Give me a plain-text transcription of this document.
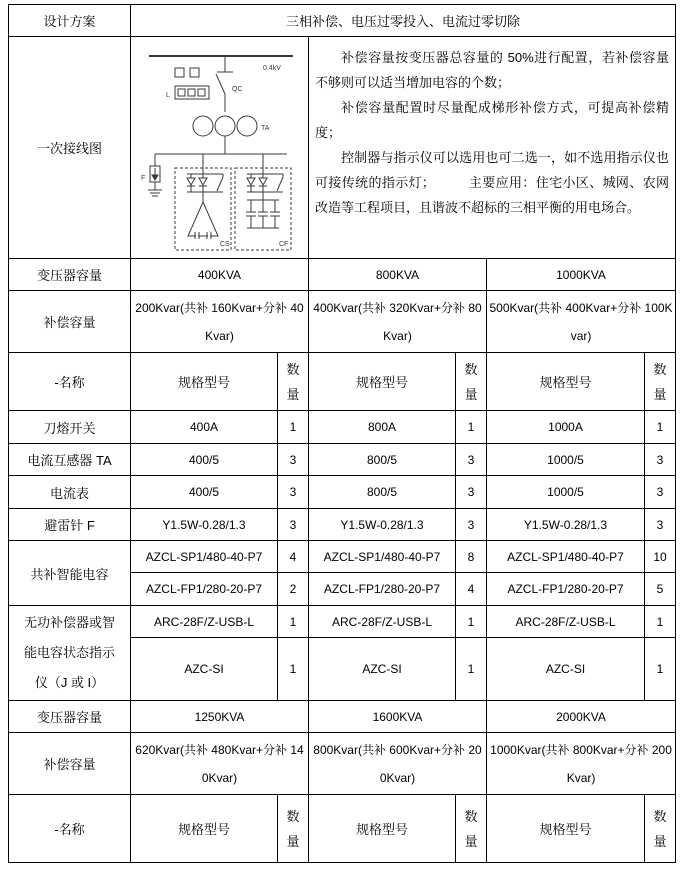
设计方案	三相补偿、电压过零投入、电流过零切除					
一次接线图	
0.4kV
QC
L
TA
F
CS	CF

补偿容量按变压器总容量的 50%进行配置，若补偿容量不够则可以适当增加电容的个数；

补偿容量配置时尽量配成梯形补偿方式，可提高补偿精度；

控制器与指示仪可以选用也可二选一，如不选用指示仪也可接传统的指示灯；　　　主要应用：住宅小区、城网、农网改造等工程项目，且谐波不超标的三相平衡的用电场合。

变压器容量	400KVA		800KVA		1000KVA	
补偿容量	200Kvar(共补 160Kvar+分补 40Kvar)		400Kvar(共补 320Kvar+分补 80Kvar)		500Kvar(共补 400Kvar+分补 100Kvar)	
-名称	规格型号	数量	规格型号	数量	规格型号	数量
刀熔开关	400A	1	800A	1	1000A	1
电流互感器 TA	400/5	3	800/5	3	1000/5	3
电流表	400/5	3	800/5	3	1000/5	3
避雷针 F	Y1.5W-0.28/1.3	3	Y1.5W-0.28/1.3	3	Y1.5W-0.28/1.3	3
共补智能电容	AZCL-SP1/480-40-P7	4	AZCL-SP1/480-40-P7	8	AZCL-SP1/480-40-P7	10
	AZCL-FP1/280-20-P7	2	AZCL-FP1/280-20-P7	4	AZCL-FP1/280-20-P7	5
无功补偿器或智能电容状态指示仪（J 或 I）	ARC-28F/Z-USB-L	1	ARC-28F/Z-USB-L	1	ARC-28F/Z-USB-L	1
	AZC-SI	1	AZC-SI	1	AZC-SI	1
变压器容量	1250KVA		1600KVA		2000KVA	
补偿容量	620Kvar(共补 480Kvar+分补 140Kvar)		800Kvar(共补 600Kvar+分补 200Kvar)		1000Kvar(共补 800Kvar+分补 200Kvar)	
-名称	规格型号	数量	规格型号	数量	规格型号	数量
